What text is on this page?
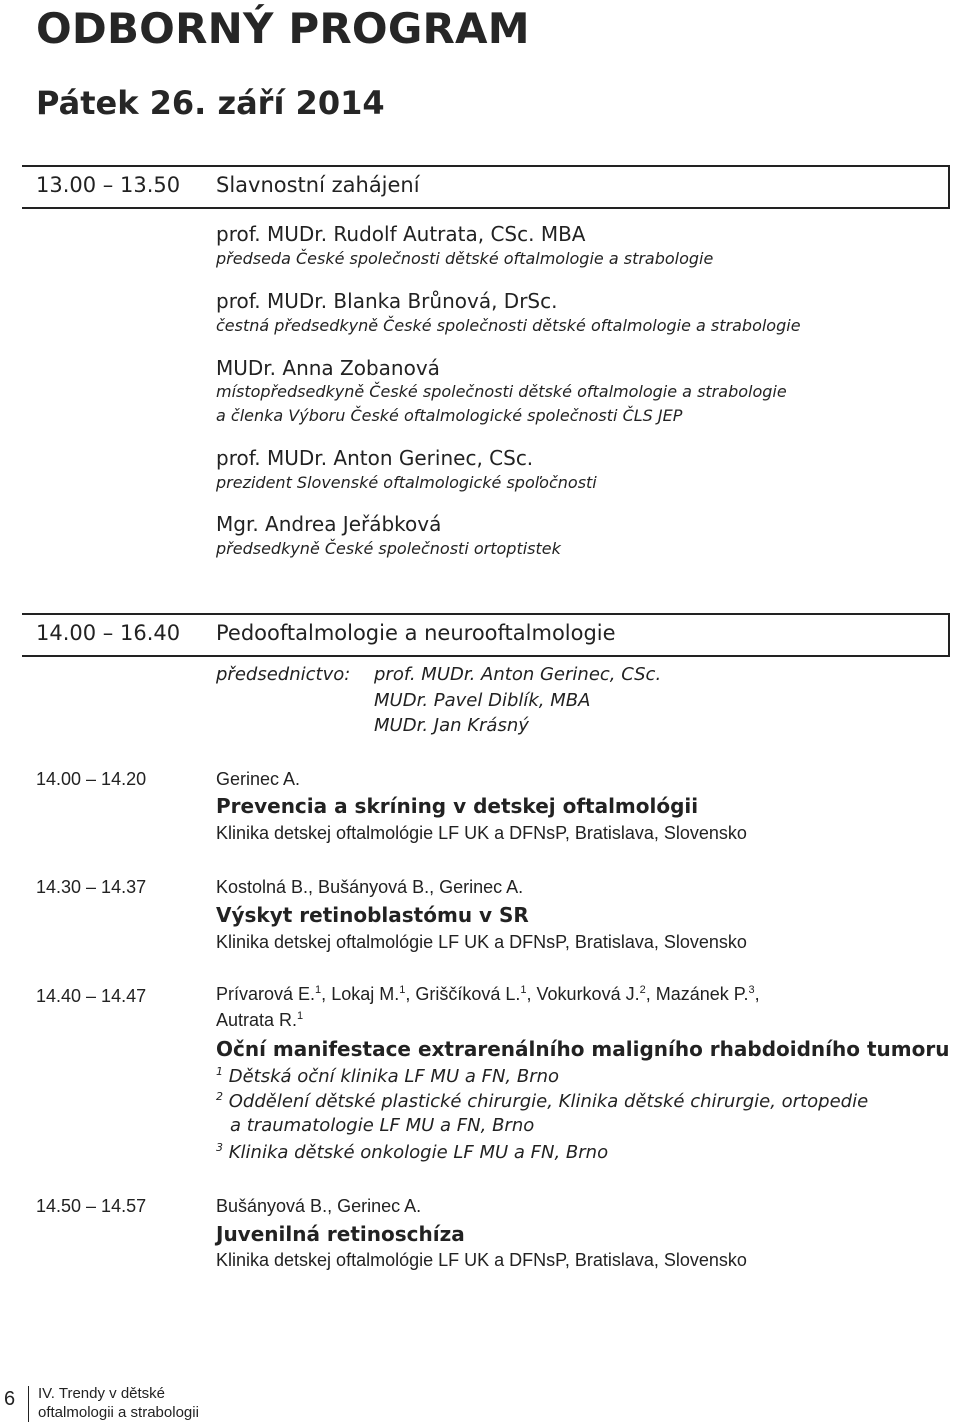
ODBORNÝ PROGRAM
Pátek 26. září 2014
13.00 – 13.50 Slavnostní zahájení
prof. MUDr. Rudolf Autrata, CSc. MBA
předseda České společnosti dětské oftalmologie a strabologie
prof. MUDr. Blanka Brůnová, DrSc.
čestná předsedkyně České společnosti dětské oftalmologie a strabologie
MUDr. Anna Zobanová
místopředsedkyně České společnosti dětské oftalmologie a strabologie
a členka Výboru České oftalmologické společnosti ČLS JEP
prof. MUDr. Anton Gerinec, CSc.
prezident Slovenské oftalmologické spoľočnosti
Mgr. Andrea Jeřábková
předsedkyně České společnosti ortoptistek
14.00 – 16.40 Pedooftalmologie a neurooftalmologie
předsednictvo: prof. MUDr. Anton Gerinec, CSc.
MUDr. Pavel Diblík, MBA
MUDr. Jan Krásný
14.00 – 14.20	Gerinec A.
Prevencia a skríning v detskej oftalmológii
Klinika detskej oftalmológie LF UK a DFNsP, Bratislava, Slovensko
14.30 – 14.37	Kostolná B., Bušányová B., Gerinec A.
Výskyt retinoblastómu v SR
Klinika detskej oftalmológie LF UK a DFNsP, Bratislava, Slovensko
14.40 – 14.47	Prívarová E.$^1$, Lokaj M.$^1$, Griščíková L.$^1$, Vokurková J.$^2$, Mazánek P.$^3$,
Autrata R.$^1$
Oční manifestace extrarenálního maligního rhabdoidního tumoru
$^1$ Dětská oční klinika LF MU a FN, Brno
$^2$ Oddělení dětské plastické chirurgie, Klinika dětské chirurgie, ortopedie
a traumatologie LF MU a FN, Brno
$^3$ Klinika dětské onkologie LF MU a FN, Brno
14.50 – 14.57	Bušányová B., Gerinec A.
Juvenilná retinoschíza
Klinika detskej oftalmológie LF UK a DFNsP, Bratislava, Slovensko
6 IV. Trendy v dětské
oftalmologii a strabologii
